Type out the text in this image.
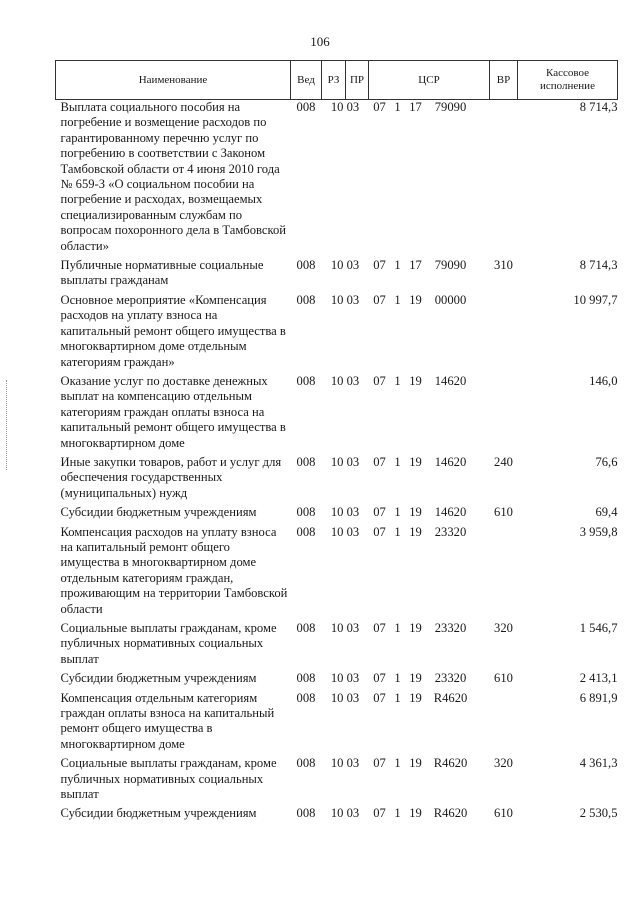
106
Наименование	Вед	РЗ	ПР	ЦСР	ВР	Кассовое исполнение
Выплата социального пособия на погребение и возмещение расходов по гарантированному перечню услуг по погребению в соответствии с Законом Тамбовской области от 4 июня 2010 года № 659-З «О социальном пособии на погребение и расходах, возмещаемых специализированным службам по вопросам похоронного дела в Тамбовской области»	008	10 03		07 1 17 79090		8 714,3
Публичные нормативные социальные выплаты гражданам	008	10 03		07 1 17 79090	310	8 714,3
Основное мероприятие «Компенсация расходов на уплату взноса на капитальный ремонт общего имущества в многоквартирном доме отдельным категориям граждан»	008	10 03		07 1 19 00000		10 997,7
Оказание услуг по доставке денежных выплат на компенсацию отдельным категориям граждан оплаты взноса на капитальный ремонт общего имущества в многоквартирном доме	008	10 03		07 1 19 14620		146,0
Иные закупки товаров, работ и услуг для обеспечения государственных (муниципальных) нужд	008	10 03		07 1 19 14620	240	76,6
Субсидии бюджетным учреждениям	008	10 03		07 1 19 14620	610	69,4
Компенсация расходов на уплату взноса на капитальный ремонт общего имущества в многоквартирном доме отдельным категориям граждан, проживающим на территории Тамбовской области	008	10 03		07 1 19 23320		3 959,8
Социальные выплаты гражданам, кроме публичных нормативных социальных выплат	008	10 03		07 1 19 23320	320	1 546,7
Субсидии бюджетным учреждениям	008	10 03		07 1 19 23320	610	2 413,1
Компенсация отдельным категориям граждан оплаты взноса на капитальный ремонт общего имущества в многоквартирном доме	008	10 03		07 1 19 R4620		6 891,9
Социальные выплаты гражданам, кроме публичных нормативных социальных выплат	008	10 03		07 1 19 R4620	320	4 361,3
Субсидии бюджетным учреждениям	008	10 03		07 1 19 R4620	610	2 530,5
